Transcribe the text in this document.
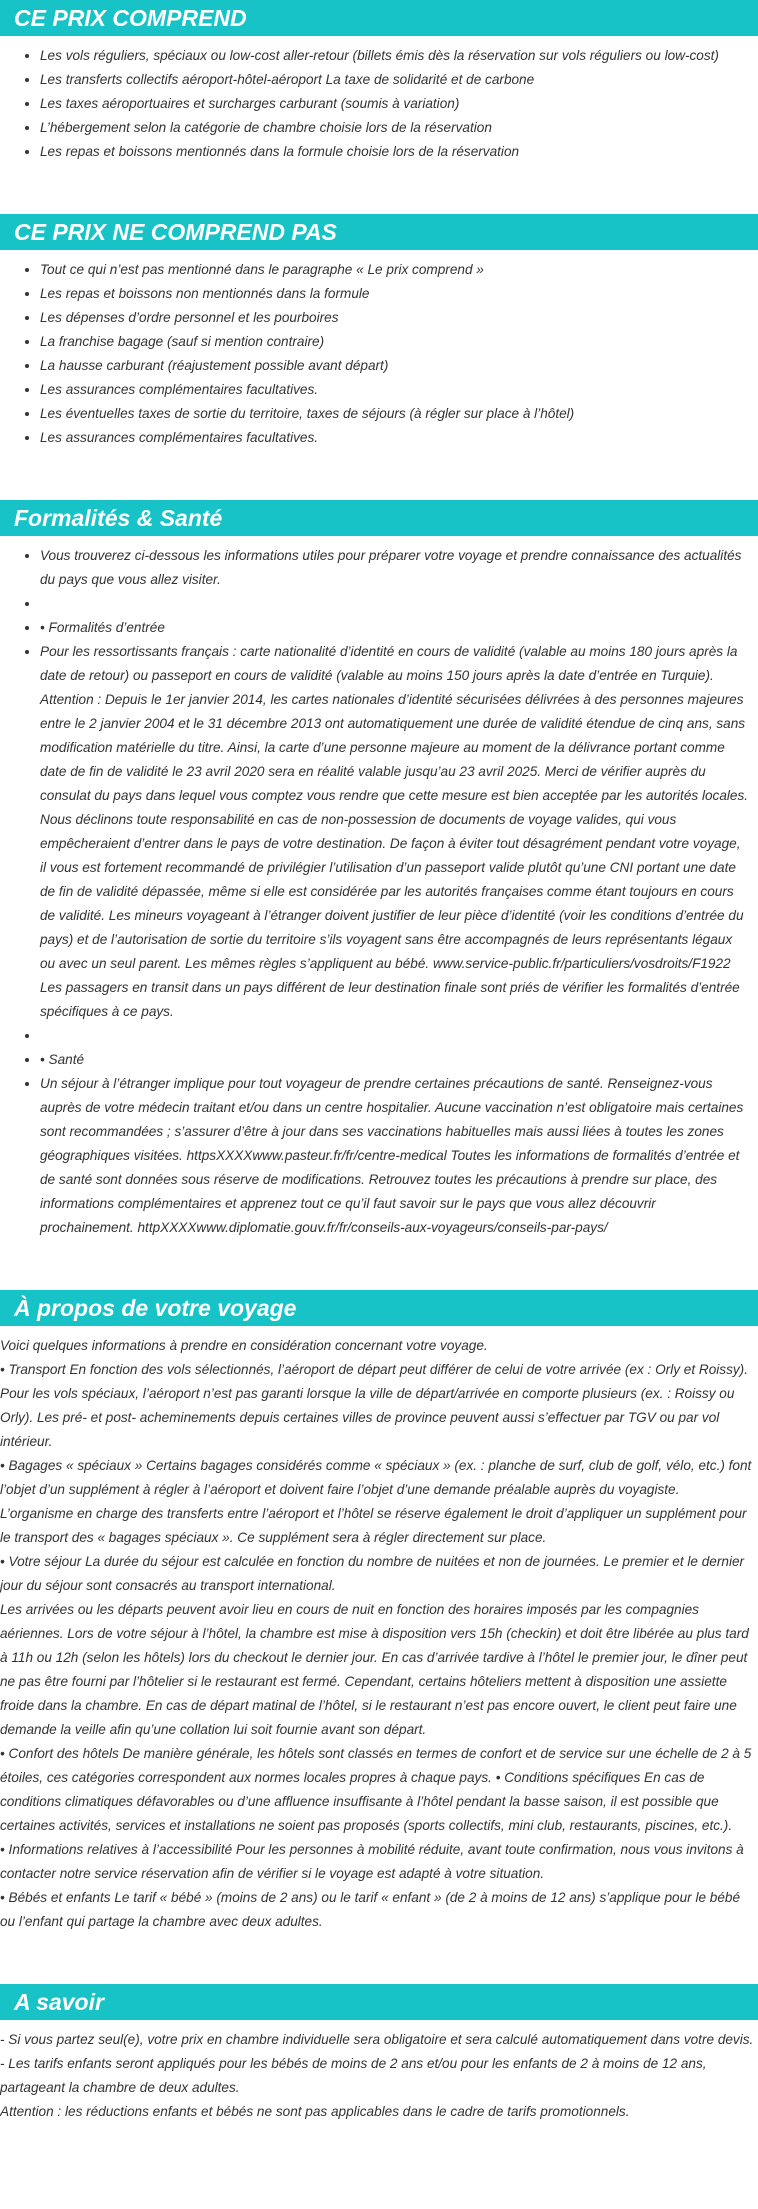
CE PRIX COMPREND
• Les vols réguliers, spéciaux ou low-cost aller-retour (billets émis dès la réservation sur vols réguliers ou low-cost)
• Les transferts collectifs aéroport-hôtel-aéroport La taxe de solidarité et de carbone
• Les taxes aéroportuaires et surcharges carburant (soumis à variation)
• L’hébergement selon la catégorie de chambre choisie lors de la réservation
• Les repas et boissons mentionnés dans la formule choisie lors de la réservation
CE PRIX NE COMPREND PAS
• Tout ce qui n’est pas mentionné dans le paragraphe « Le prix comprend »
• Les repas et boissons non mentionnés dans la formule
• Les dépenses d’ordre personnel et les pourboires
• La franchise bagage (sauf si mention contraire)
• La hausse carburant (réajustement possible avant départ)
• Les assurances complémentaires facultatives.
• Les éventuelles taxes de sortie du territoire, taxes de séjours (à régler sur place à l’hôtel)
• Les assurances complémentaires facultatives.
Formalités & Santé
• Vous trouverez ci-dessous les informations utiles pour préparer votre voyage et prendre connaissance des actualités du pays que vous allez visiter.
•
• • Formalités d’entrée
• Pour les ressortissants français : carte nationalité d’identité en cours de validité (valable au moins 180 jours après la date de retour) ou passeport en cours de validité (valable au moins 150 jours après la date d’entrée en Turquie). Attention : Depuis le 1er janvier 2014, les cartes nationales d’identité sécurisées délivrées à des personnes majeures entre le 2 janvier 2004 et le 31 décembre 2013 ont automatiquement une durée de validité étendue de cinq ans, sans modification matérielle du titre. Ainsi, la carte d’une personne majeure au moment de la délivrance portant comme date de fin de validité le 23 avril 2020 sera en réalité valable jusqu’au 23 avril 2025. Merci de vérifier auprès du consulat du pays dans lequel vous comptez vous rendre que cette mesure est bien acceptée par les autorités locales. Nous déclinons toute responsabilité en cas de non-possession de documents de voyage valides, qui vous empêcheraient d’entrer dans le pays de votre destination. De façon à éviter tout désagrément pendant votre voyage, il vous est fortement recommandé de privilégier l’utilisation d’un passeport valide plutôt qu’une CNI portant une date de fin de validité dépassée, même si elle est considérée par les autorités françaises comme étant toujours en cours de validité. Les mineurs voyageant à l’étranger doivent justifier de leur pièce d’identité (voir les conditions d’entrée du pays) et de l’autorisation de sortie du territoire s’ils voyagent sans être accompagnés de leurs représentants légaux ou avec un seul parent. Les mêmes règles s’appliquent au bébé. www.service-public.fr/particuliers/vosdroits/F1922 Les passagers en transit dans un pays différent de leur destination finale sont priés de vérifier les formalités d’entrée spécifiques à ce pays.
•
• • Santé
• Un séjour à l’étranger implique pour tout voyageur de prendre certaines précautions de santé. Renseignez-vous auprès de votre médecin traitant et/ou dans un centre hospitalier. Aucune vaccination n’est obligatoire mais certaines sont recommandées ; s’assurer d’être à jour dans ses vaccinations habituelles mais aussi liées à toutes les zones géographiques visitées. httpsXXXXwww.pasteur.fr/fr/centre-medical Toutes les informations de formalités d’entrée et de santé sont données sous réserve de modifications. Retrouvez toutes les précautions à prendre sur place, des informations complémentaires et apprenez tout ce qu’il faut savoir sur le pays que vous allez découvrir prochainement. httpXXXXwww.diplomatie.gouv.fr/fr/conseils-aux-voyageurs/conseils-par-pays/
À propos de votre voyage

Voici quelques informations à prendre en considération concernant votre voyage.

• Transport En fonction des vols sélectionnés, l’aéroport de départ peut différer de celui de votre arrivée (ex : Orly et Roissy). Pour les vols spéciaux, l’aéroport n’est pas garanti lorsque la ville de départ/arrivée en comporte plusieurs (ex. : Roissy ou Orly). Les pré- et post- acheminements depuis certaines villes de province peuvent aussi s’effectuer par TGV ou par vol intérieur.

• Bagages « spéciaux » Certains bagages considérés comme « spéciaux » (ex. : planche de surf, club de golf, vélo, etc.) font l’objet d’un supplément à régler à l’aéroport et doivent faire l’objet d’une demande préalable auprès du voyagiste. L’organisme en charge des transferts entre l’aéroport et l’hôtel se réserve également le droit d’appliquer un supplément pour le transport des « bagages spéciaux ». Ce supplément sera à régler directement sur place.

• Votre séjour La durée du séjour est calculée en fonction du nombre de nuitées et non de journées. Le premier et le dernier jour du séjour sont consacrés au transport international.

Les arrivées ou les départs peuvent avoir lieu en cours de nuit en fonction des horaires imposés par les compagnies aériennes. Lors de votre séjour à l’hôtel, la chambre est mise à disposition vers 15h (checkin) et doit être libérée au plus tard à 11h ou 12h (selon les hôtels) lors du checkout le dernier jour. En cas d’arrivée tardive à l’hôtel le premier jour, le dîner peut ne pas être fourni par l’hôtelier si le restaurant est fermé. Cependant, certains hôteliers mettent à disposition une assiette froide dans la chambre. En cas de départ matinal de l’hôtel, si le restaurant n’est pas encore ouvert, le client peut faire une demande la veille afin qu’une collation lui soit fournie avant son départ.

• Confort des hôtels De manière générale, les hôtels sont classés en termes de confort et de service sur une échelle de 2 à 5 étoiles, ces catégories correspondent aux normes locales propres à chaque pays. • Conditions spécifiques En cas de conditions climatiques défavorables ou d’une affluence insuffisante à l’hôtel pendant la basse saison, il est possible que certaines activités, services et installations ne soient pas proposés (sports collectifs, mini club, restaurants, piscines, etc.).

• Informations relatives à l’accessibilité Pour les personnes à mobilité réduite, avant toute confirmation, nous vous invitons à contacter notre service réservation afin de vérifier si le voyage est adapté à votre situation.

• Bébés et enfants Le tarif « bébé » (moins de 2 ans) ou le tarif « enfant » (de 2 à moins de 12 ans) s’applique pour le bébé ou l’enfant qui partage la chambre avec deux adultes.

A savoir

- Si vous partez seul(e), votre prix en chambre individuelle sera obligatoire et sera calculé automatiquement dans votre devis.

- Les tarifs enfants seront appliqués pour les bébés de moins de 2 ans et/ou pour les enfants de 2 à moins de 12 ans, partageant la chambre de deux adultes.

Attention : les réductions enfants et bébés ne sont pas applicables dans le cadre de tarifs promotionnels.
